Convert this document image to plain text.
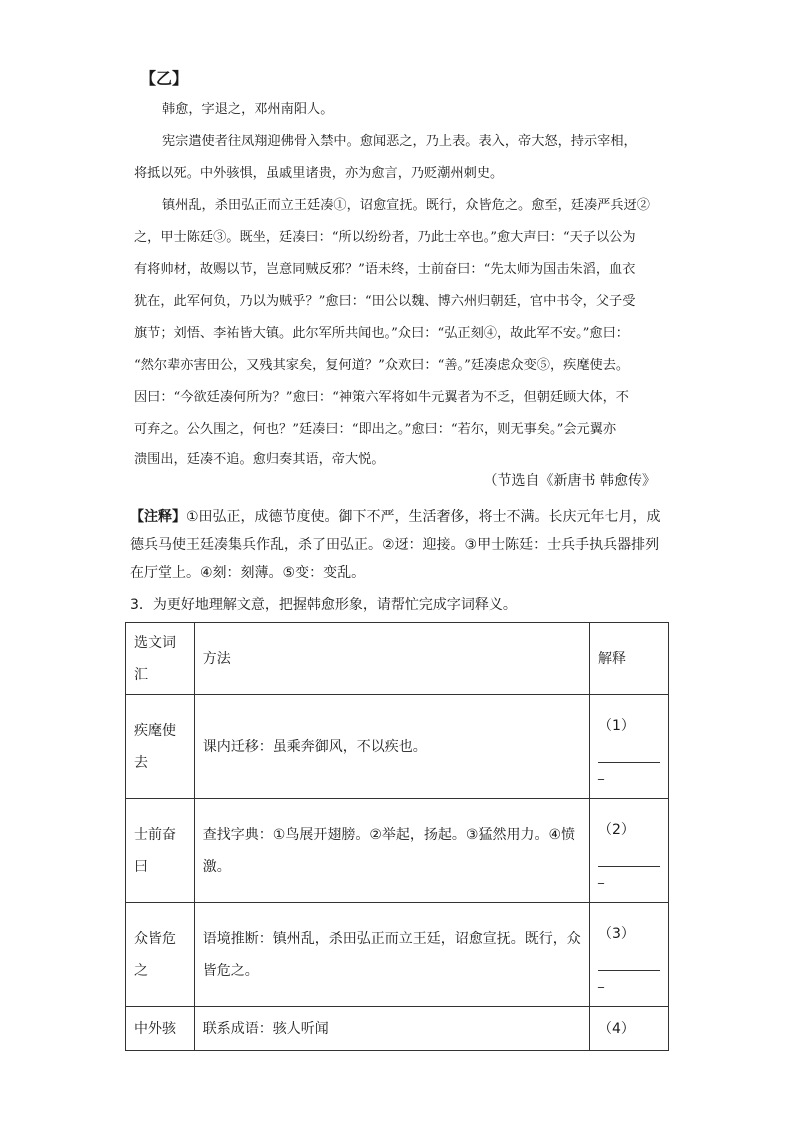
【乙】
韩愈，字退之，邓州南阳人。
宪宗遣使者往凤翔迎佛骨入禁中。愈闻恶之，乃上表。表入，帝大怒，持示宰相，
将抵以死。中外骇惧，虽戚里诸贵，亦为愈言，乃贬潮州刺史。
镇州乱，杀田弘正而立王廷凑①，诏愈宣抚。既行，众皆危之。愈至，廷凑严兵迓②
之，甲士陈廷③。既坐，廷凑曰：“所以纷纷者，乃此士卒也。”愈大声曰：“天子以公为
有将帅材，故赐以节，岂意同贼反邪？”语未终，士前奋曰：“先太师为国击朱滔，血衣
犹在，此军何负，乃以为贼乎？”愈曰：“田公以魏、博六州归朝廷，官中书令，父子受
旗节；刘悟、李祐皆大镇。此尔军所共闻也。”众曰：“弘正刻④，故此军不安。”愈曰：
“然尔辈亦害田公，又残其家矣，复何道？”众欢曰：“善。”廷凑虑众变⑤，疾麾使去。
因曰：“今欲廷凑何所为？”愈曰：“神策六军将如牛元翼者为不乏，但朝廷顾大体，不
可弃之。公久围之，何也？”廷凑曰：“即出之。”愈曰：“若尔，则无事矣。”会元翼亦
溃围出，廷凑不追。愈归奏其语，帝大悦。
（节选自《新唐书 韩愈传》
【注释】①田弘正，成德节度使。御下不严，生活奢侈，将士不满。长庆元年七月，成德兵马使王廷凑集兵作乱，杀了田弘正。②迓：迎接。③甲士陈廷：士兵手执兵器排列在厅堂上。④刻：刻薄。⑤变：变乱。
3．为更好地理解文意，把握韩愈形象，请帮忙完成字词释义。
选文词汇	方法	解释
疾麾使去	课内迁移：虽乘奔御风，不以疾也。	（1）
_

士前奋曰	查找字典：①鸟展开翅膀。②举起，扬起。③猛然用力。④愤激。	（2）
_

众皆危之	语境推断：镇州乱，杀田弘正而立王廷，诏愈宣抚。既行，众皆危之。	（3）
_

中外骇	联系成语：骇人听闻	（4）
